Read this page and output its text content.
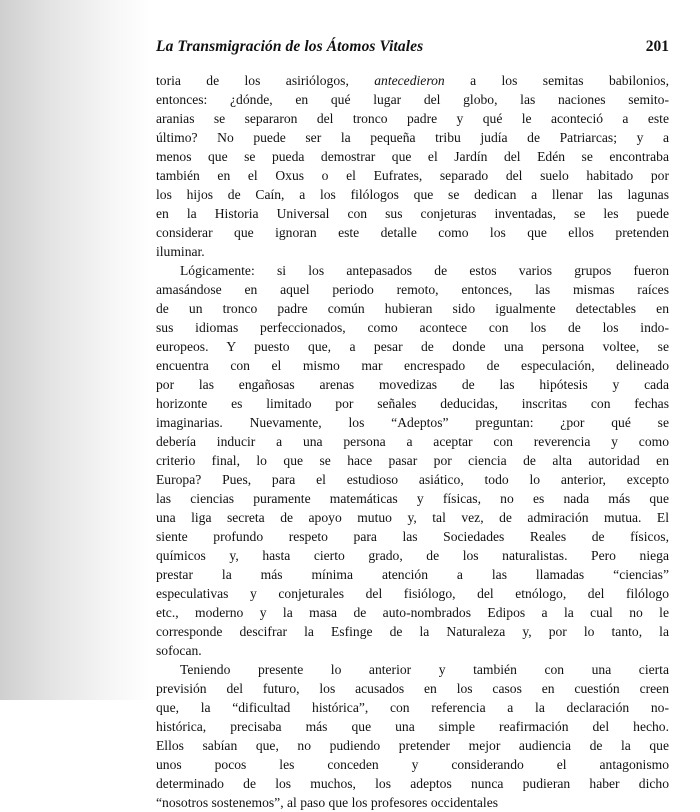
La Transmigración de los Átomos Vitales	201
toria de los asiriólogos, antecedieron a los semitas babilonios,
entonces: ¿dónde, en qué lugar del globo, las naciones semito-
aranias se separaron del tronco padre y qué le aconteció a este
último? No puede ser la pequeña tribu judía de Patriarcas; y a
menos que se pueda demostrar que el Jardín del Edén se encontraba
también en el Oxus o el Eufrates, separado del suelo habitado por
los hijos de Caín, a los filólogos que se dedican a llenar las lagunas
en la Historia Universal con sus conjeturas inventadas, se les puede
considerar que ignoran este detalle como los que ellos pretenden
iluminar.
Lógicamente: si los antepasados de estos varios grupos fueron
amasándose en aquel periodo remoto, entonces, las mismas raíces
de un tronco padre común hubieran sido igualmente detectables en
sus idiomas perfeccionados, como acontece con los de los indo-
europeos. Y puesto que, a pesar de donde una persona voltee, se
encuentra con el mismo mar encrespado de especulación, delineado
por las engañosas arenas movedizas de las hipótesis y cada
horizonte es limitado por señales deducidas, inscritas con fechas
imaginarias. Nuevamente, los “Adeptos” preguntan: ¿por qué se
debería inducir a una persona a aceptar con reverencia y como
criterio final, lo que se hace pasar por ciencia de alta autoridad en
Europa? Pues, para el estudioso asiático, todo lo anterior, excepto
las ciencias puramente matemáticas y físicas, no es nada más que
una liga secreta de apoyo mutuo y, tal vez, de admiración mutua. El
siente profundo respeto para las Sociedades Reales de físicos,
químicos y, hasta cierto grado, de los naturalistas. Pero niega
prestar la más mínima atención a las llamadas “ciencias”
especulativas y conjeturales del fisiólogo, del etnólogo, del filólogo
etc., moderno y la masa de auto-nombrados Edipos a la cual no le
corresponde descifrar la Esfinge de la Naturaleza y, por lo tanto, la
sofocan.
Teniendo presente lo anterior y también con una cierta
previsión del futuro, los acusados en los casos en cuestión creen
que, la “dificultad histórica”, con referencia a la declaración no-
histórica, precisaba más que una simple reafirmación del hecho.
Ellos sabían que, no pudiendo pretender mejor audiencia de la que
unos pocos les conceden y considerando el antagonismo
determinado de los muchos, los adeptos nunca pudieran haber dicho
“nosotros sostenemos”, al paso que los profesores occidentales
